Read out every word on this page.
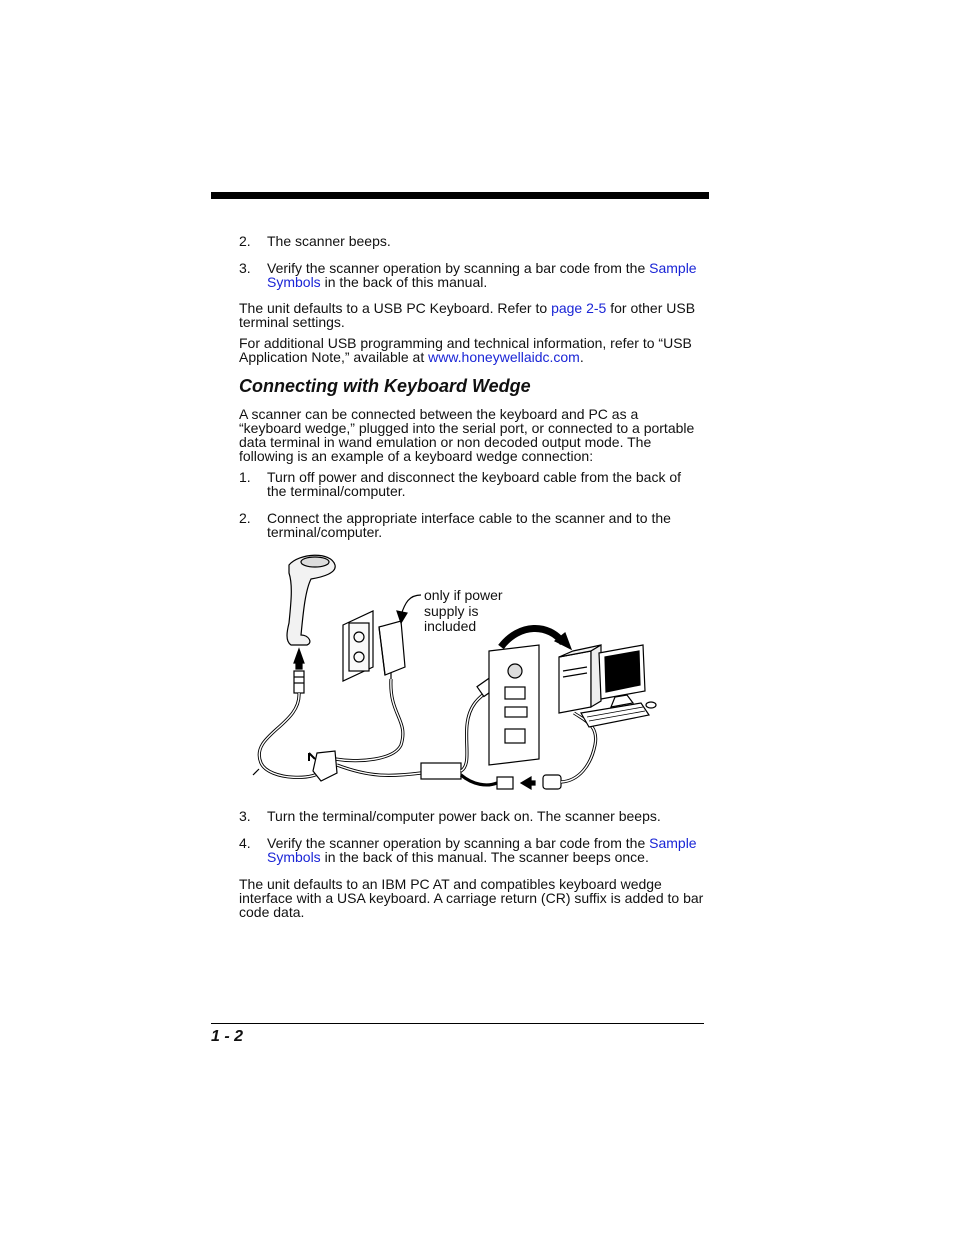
2.	The scanner beeps.
3.	Verify the scanner operation by scanning a bar code from the Sample Symbols in the back of this manual.

The unit defaults to a USB PC Keyboard. Refer to page 2-5 for other USB terminal settings.

For additional USB programming and technical information, refer to “USB Application Note,” available at www.honeywellaidc.com.

Connecting with Keyboard Wedge

A scanner can be connected between the keyboard and PC as a “keyboard wedge,” plugged into the serial port, or connected to a portable data terminal in wand emulation or non decoded output mode. The following is an example of a keyboard wedge connection:

1.	Turn off power and disconnect the keyboard cable from the back of the terminal/computer.
2.	Connect the appropriate interface cable to the scanner and to the terminal/computer.
only if power supply is included
3.	Turn the terminal/computer power back on. The scanner beeps.
4.	Verify the scanner operation by scanning a bar code from the Sample Symbols in the back of this manual. The scanner beeps once.

The unit defaults to an IBM PC AT and compatibles keyboard wedge interface with a USA keyboard. A carriage return (CR) suffix is added to bar code data.

1 - 2
